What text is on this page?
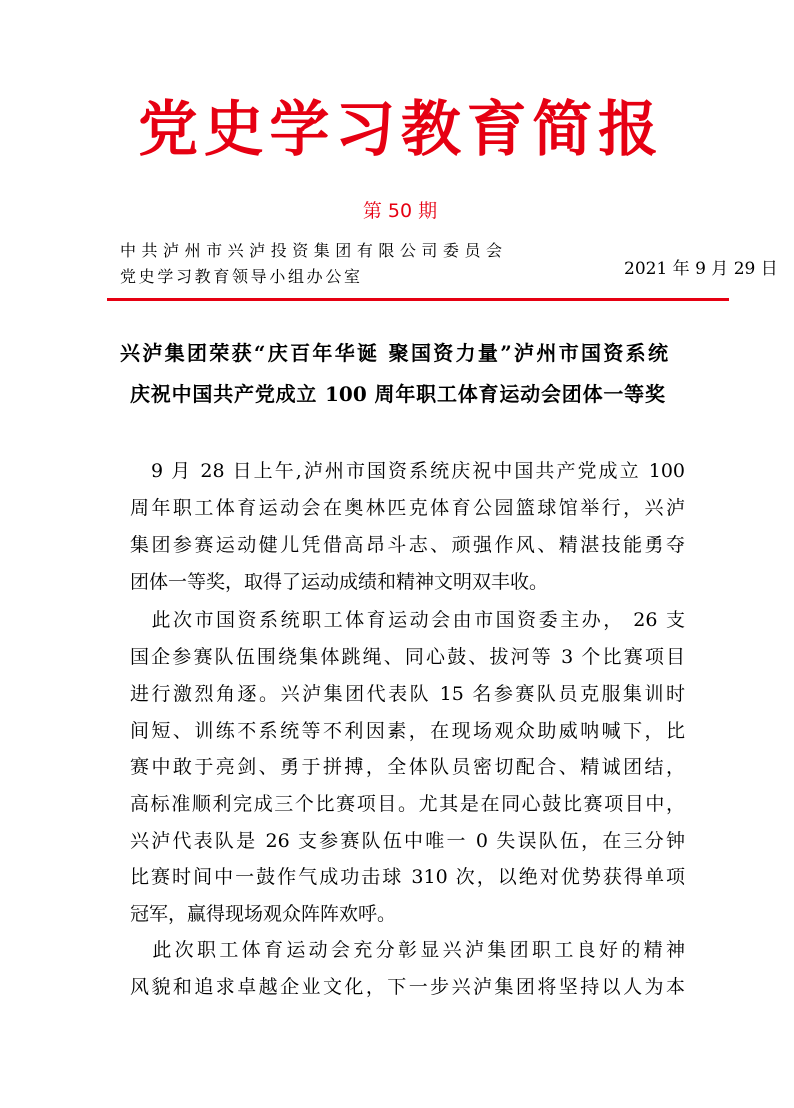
党史学习教育简报
第 50 期
中共泸州市兴泸投资集团有限公司委员会
党史学习教育领导小组办公室	2021 年 9 月 29 日
兴泸集团荣获“庆百年华诞 聚国资力量”泸州市国资系统
庆祝中国共产党成立 100 周年职工体育运动会团体一等奖
　9 月 28 日上午,泸州市国资系统庆祝中国共产党成立 100
周年职工体育运动会在奥林匹克体育公园篮球馆举行，兴泸
集团参赛运动健儿凭借高昂斗志、顽强作风、精湛技能勇夺
团体一等奖，取得了运动成绩和精神文明双丰收。
　此次市国资系统职工体育运动会由市国资委主办， 26 支
国企参赛队伍围绕集体跳绳、同心鼓、拔河等 3 个比赛项目
进行激烈角逐。兴泸集团代表队 15 名参赛队员克服集训时
间短、训练不系统等不利因素，在现场观众助威呐喊下，比
赛中敢于亮剑、勇于拼搏，全体队员密切配合、精诚团结，
高标准顺利完成三个比赛项目。尤其是在同心鼓比赛项目中，
兴泸代表队是 26 支参赛队伍中唯一 0 失误队伍，在三分钟
比赛时间中一鼓作气成功击球 310 次，以绝对优势获得单项
冠军，赢得现场观众阵阵欢呼。
　此次职工体育运动会充分彰显兴泸集团职工良好的精神
风貌和追求卓越企业文化，下一步兴泸集团将坚持以人为本
